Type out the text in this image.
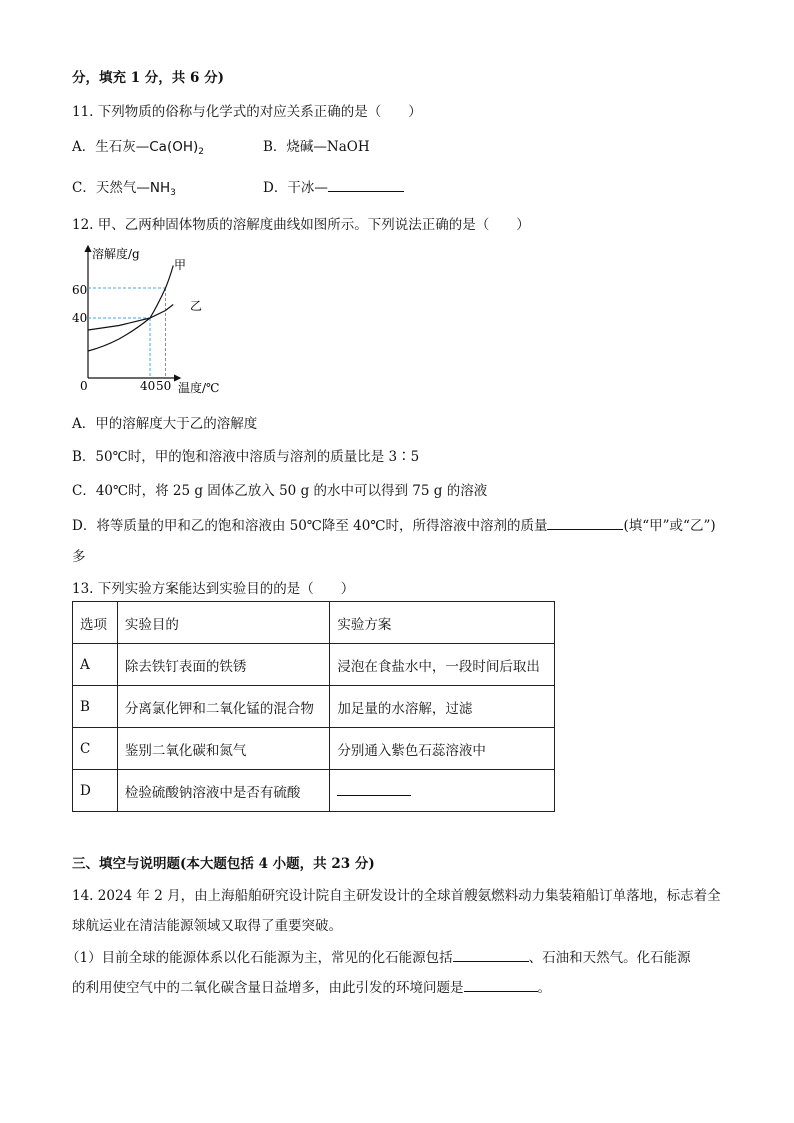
分，填充 1 分，共 6 分)
11. 下列物质的俗称与化学式的对应关系正确的是（　　）
A．生石灰$—Ca(OH)_2$	B．烧碱—NaOH
C．天然气$—NH_3$	D．干冰—
12. 甲、乙两种固体物质的溶解度曲线如图所示。下列说法正确的是（　　）
溶解度/g
温度/℃
0
60
40
40 50
甲
乙
A．甲的溶解度大于乙的溶解度
B．50℃时，甲的饱和溶液中溶质与溶剂的质量比是 3∶5
C．40℃时，将 25 g 固体乙放入 50 g 的水中可以得到 75 g 的溶液
D．将等质量的甲和乙的饱和溶液由 50℃降至 40℃时，所得溶液中溶剂的质量	(填“甲”或“乙”)
多
13. 下列实验方案能达到实验目的的是（　　）
选项	实验目的	实验方案
A	除去铁钉表面的铁锈	浸泡在食盐水中，一段时间后取出
B	分离氯化钾和二氧化锰的混合物	加足量的水溶解，过滤
C	鉴别二氧化碳和氮气	分别通入紫色石蕊溶液中
D	检验硫酸钠溶液中是否有硫酸	
三、填空与说明题(本大题包括 4 小题，共 23 分)
14. 2024 年 2 月，由上海船舶研究设计院自主研发设计的全球首艘氨燃料动力集装箱船订单落地，标志着全
球航运业在清洁能源领域又取得了重要突破。
（1）目前全球的能源体系以化石能源为主，常见的化石能源包括	、石油和天然气。化石能源
的利用使空气中的二氧化碳含量日益增多，由此引发的环境问题是	。
